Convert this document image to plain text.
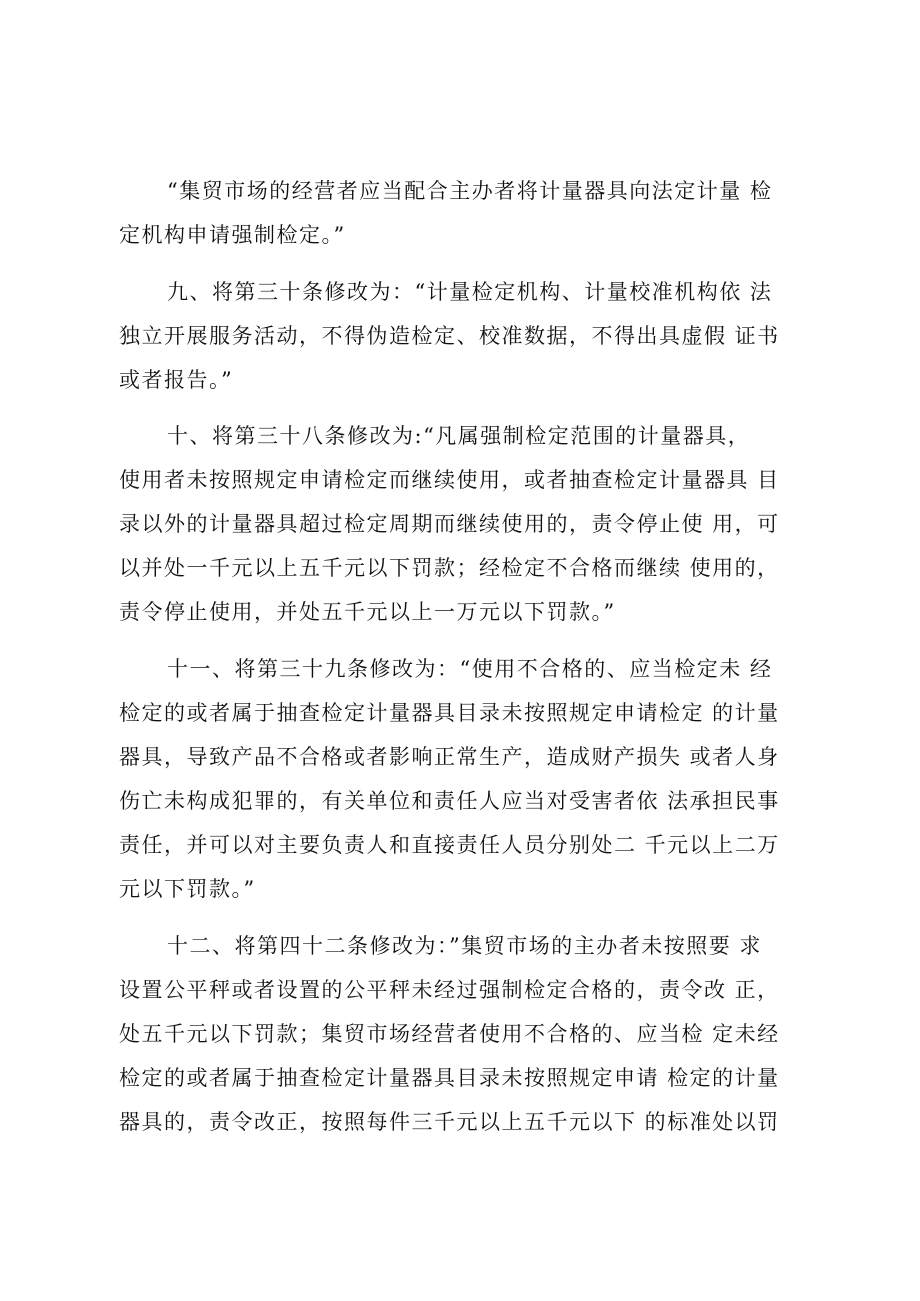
“集贸市场的经营者应当配合主办者将计量器具向法定计量 检
定机构申请强制检定。”
九、将第三十条修改为：“计量检定机构、计量校准机构依 法
独立开展服务活动，不得伪造检定、校准数据，不得出具虚假 证书
或者报告。”
十、将第三十八条修改为:“凡属强制检定范围的计量器具，
使用者未按照规定申请检定而继续使用，或者抽查检定计量器具 目
录以外的计量器具超过检定周期而继续使用的，责令停止使 用，可
以并处一千元以上五千元以下罚款；经检定不合格而继续 使用的，
责令停止使用，并处五千元以上一万元以下罚款。”
十一、将第三十九条修改为：“使用不合格的、应当检定未 经
检定的或者属于抽查检定计量器具目录未按照规定申请检定 的计量
器具，导致产品不合格或者影响正常生产，造成财产损失 或者人身
伤亡未构成犯罪的，有关单位和责任人应当对受害者依 法承担民事
责任，并可以对主要负责人和直接责任人员分别处二 千元以上二万
元以下罚款。”
十二、将第四十二条修改为：”集贸市场的主办者未按照要 求
设置公平秤或者设置的公平秤未经过强制检定合格的，责令改 正，
处五千元以下罚款；集贸市场经营者使用不合格的、应当检 定未经
检定的或者属于抽查检定计量器具目录未按照规定申请 检定的计量
器具的，责令改正，按照每件三千元以上五千元以下 的标准处以罚
